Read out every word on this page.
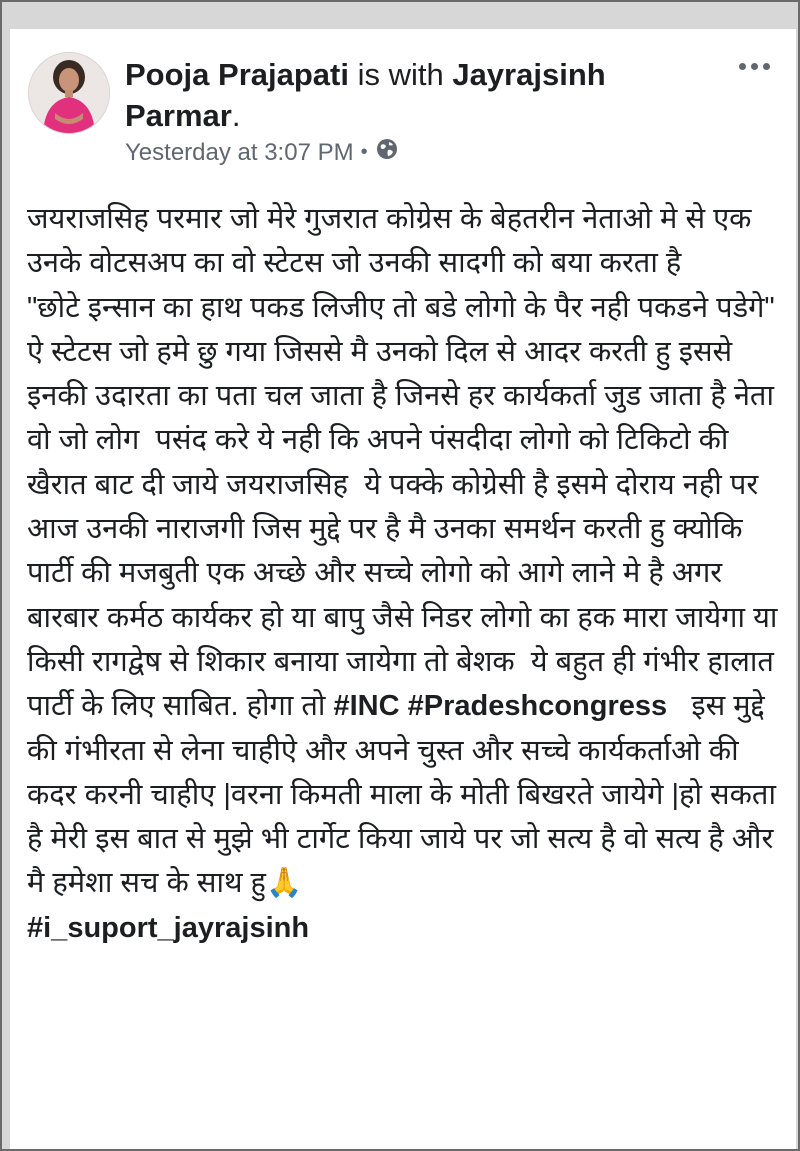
Pooja Prajapati is with Jayrajsinh Parmar.
Yesterday at 3:07 PM •
जयराजसिह परमार जो मेरे गुजरात कोग्रेस के बेहतरीन नेताओ मे से एक उनके वोटसअप का वो स्टेटस जो उनकी सादगी को बया करता है
"छोटे इन्सान का हाथ पकड लिजीए तो बडे लोगो के पैर नही पकडने पडेगे"
ऐ स्टेटस जो हमे छु गया जिससे मै उनको दिल से आदर करती हु इससे इनकी उदारता का पता चल जाता है जिनसे हर कार्यकर्ता जुड जाता है नेता वो जो लोग  पसंद करे ये नही कि अपने पंसदीदा लोगो को टिकिटो की खैरात बाट दी जाये जयराजसिह  ये पक्के कोग्रेसी है इसमे दोराय नही पर आज उनकी नाराजगी जिस मुद्दे पर है मै उनका समर्थन करती हु क्योकि पार्टी की मजबुती एक अच्छे और सच्चे लोगो को आगे लाने मे है अगर बारबार कर्मठ कार्यकर हो या बापु जैसे निडर लोगो का हक मारा जायेगा या किसी रागद्वेष से शिकार बनाया जायेगा तो बेशक  ये बहुत ही गंभीर हालात  पार्टी के लिए साबित. होगा तो #INC #Pradeshcongress   इस मुद्दे की गंभीरता से लेना चाहीऐ और अपने चुस्त और सच्चे कार्यकर्ताओ की कदर करनी चाहीए |वरना किमती माला के मोती बिखरते जायेगे |हो सकता है मेरी इस बात से मुझे भी टार्गेट किया जाये पर जो सत्य है वो सत्य है और मै हमेशा सच के साथ हु🙏
#i_suport_jayrajsinh
